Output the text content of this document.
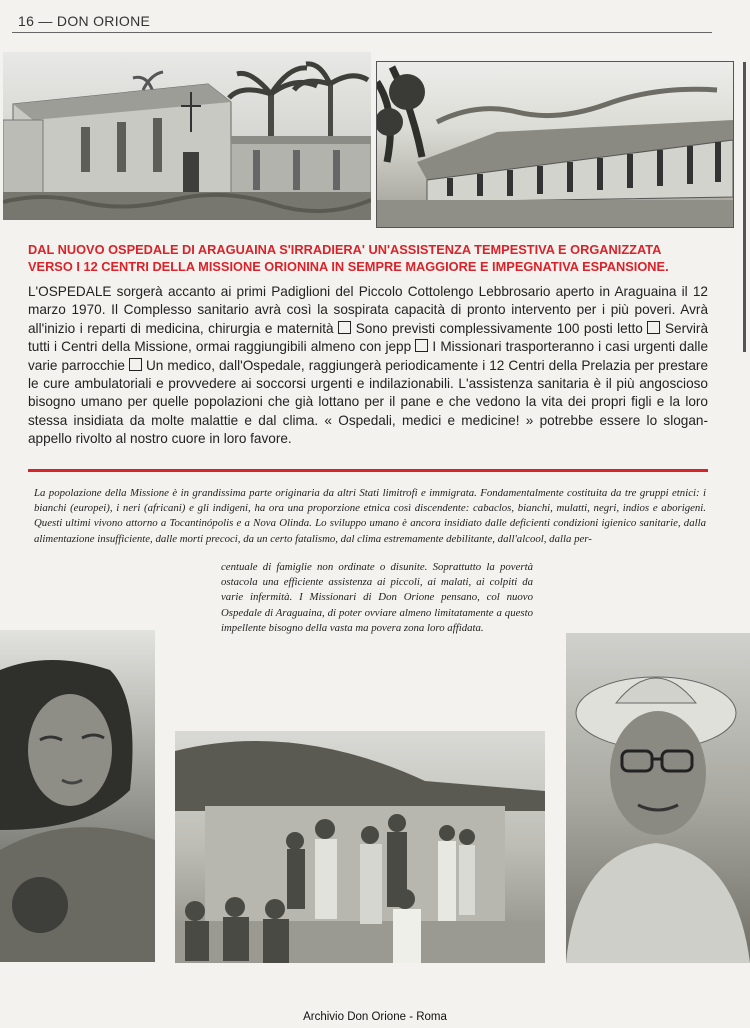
16 — DON ORIONE
DAL NUOVO OSPEDALE DI ARAGUAINA S'IRRADIERA' UN'ASSISTENZA TEMPESTIVA E ORGANIZZATA VERSO I 12 CENTRI DELLA MISSIONE ORIONINA IN SEMPRE MAGGIORE E IMPEGNATIVA ESPANSIONE.

L'OSPEDALE sorgerà accanto ai primi Padiglioni del Piccolo Cottolengo Lebbrosario aperto in Araguaina il 12 marzo 1970. Il Complesso sanitario avrà così la sospirata capacità di pronto intervento per i più poveri. Avrà all'inizio i reparti di medicina, chirurgia e maternità Sono previsti complessivamente 100 posti letto Servirà tutti i Centri della Missione, ormai raggiungibili almeno con jepp I Missionari trasporteranno i casi urgenti dalle varie parrocchie Un medico, dall'Ospedale, raggiungerà periodicamente i 12 Centri della Prelazia per prestare le cure ambulatoriali e provvedere ai soccorsi urgenti e indilazionabili. L'assistenza sanitaria è il più angoscioso bisogno umano per quelle popolazioni che già lottano per il pane e che vedono la vita dei propri figli e la loro stessa insidiata da molte malattie e dal clima. « Ospedali, medici e medicine! » potrebbe essere lo slogan-appello rivolto al nostro cuore in loro favore.

La popolazione della Missione è in grandissima parte originaria da altri Stati limitrofi e immigrata. Fondamentalmente costituita da tre gruppi etnici: i bianchi (europei), i neri (africani) e gli indigeni, ha ora una proporzione etnica così discendente: cabaclos, bianchi, mulatti, negri, indios e aborigeni. Questi ultimi vivono attorno a Tocantinópolis e a Nova Olinda. Lo sviluppo umano è ancora insidiato dalle deficienti condizioni igienico sanitarie, dalla alimentazione insufficiente, dalle morti precoci, da un certo fatalismo, dal clima estremamente debilitante, dall'alcool, dalla per-

centuale di famiglie non ordinate o disunite. Soprattutto la povertà ostacola una efficiente assistenza ai piccoli, ai malati, ai colpiti da varie infermità. I Missionari di Don Orione pensano, col nuovo Ospedale di Araguaina, di poter ovviare almeno limitatamente a questo impellente bisogno della vasta ma povera zona loro affidata.

Archivio Don Orione - Roma
